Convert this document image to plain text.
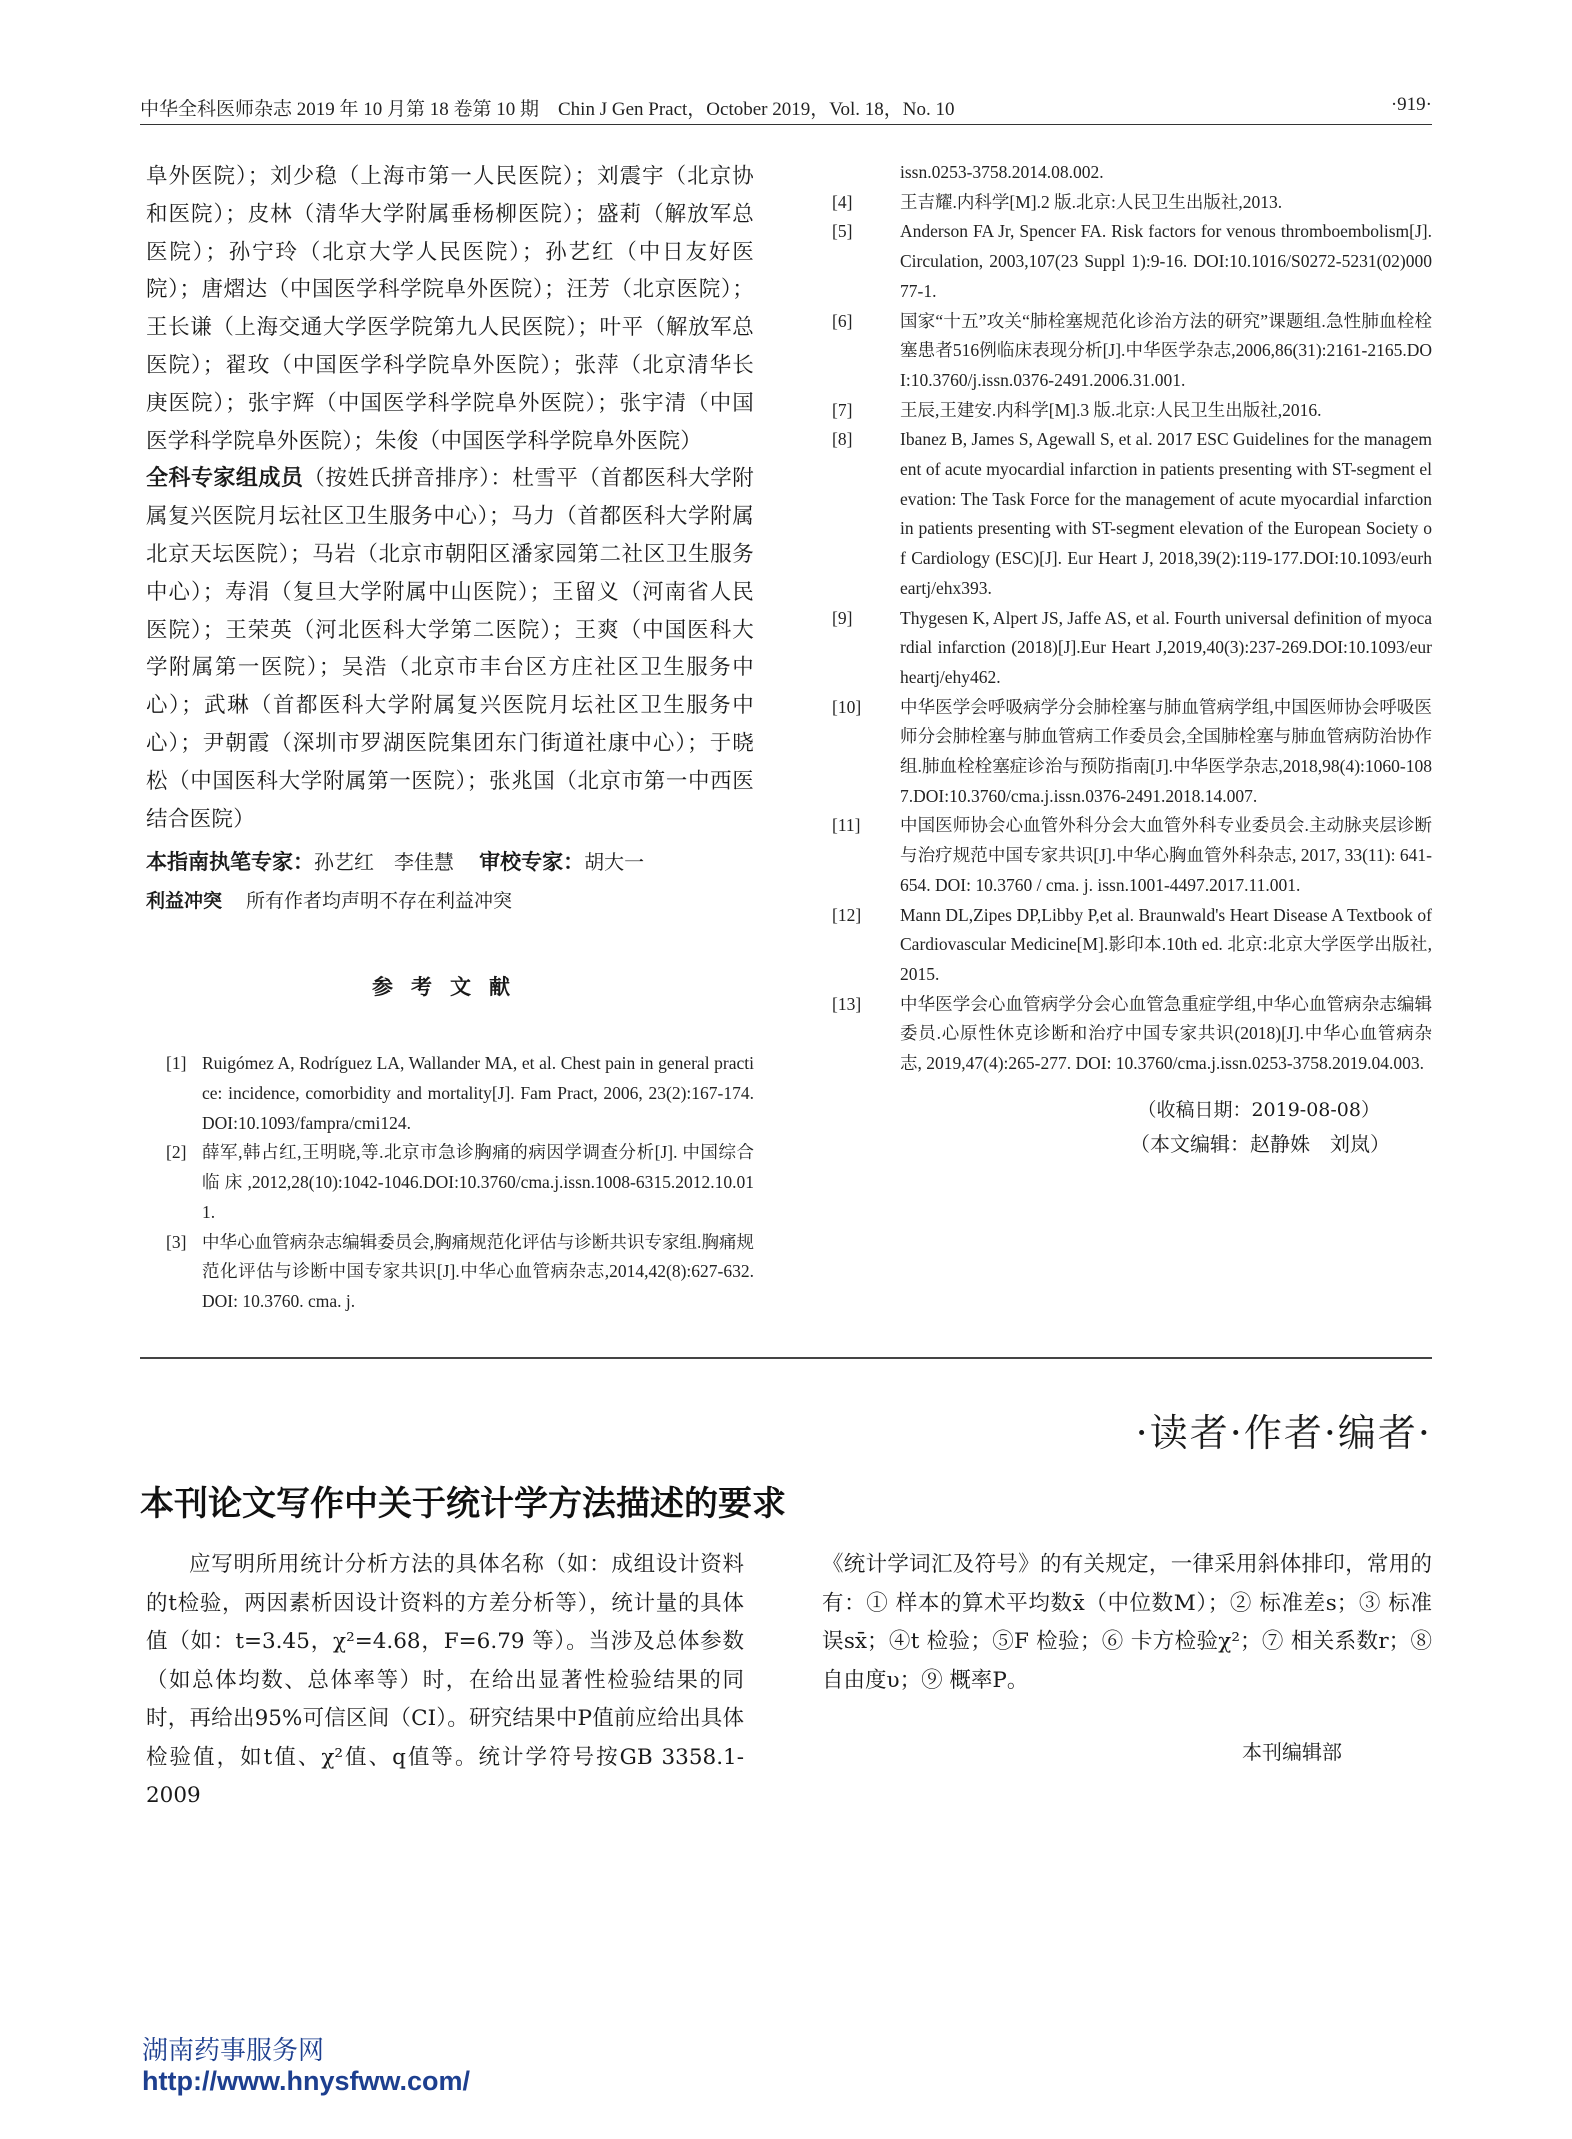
中华全科医师杂志 2019 年 10 月第 18 卷第 10 期　Chin J Gen Pract，October 2019，Vol. 18，No. 10	·919·

阜外医院）；刘少稳（上海市第一人民医院）；刘震宇（北京协和医院）；皮林（清华大学附属垂杨柳医院）；盛莉（解放军总医院）；孙宁玲（北京大学人民医院）；孙艺红（中日友好医院）；唐熠达（中国医学科学院阜外医院）；汪芳（北京医院）；王长谦（上海交通大学医学院第九人民医院）；叶平（解放军总医院）；翟玫（中国医学科学院阜外医院）；张萍（北京清华长庚医院）；张宇辉（中国医学科学院阜外医院）；张宇清（中国医学科学院阜外医院）；朱俊（中国医学科学院阜外医院）

全科专家组成员（按姓氏拼音排序）：杜雪平（首都医科大学附属复兴医院月坛社区卫生服务中心）；马力（首都医科大学附属北京天坛医院）；马岩（北京市朝阳区潘家园第二社区卫生服务中心）；寿涓（复旦大学附属中山医院）；王留义（河南省人民医院）；王荣英（河北医科大学第二医院）；王爽（中国医科大学附属第一医院）；吴浩（北京市丰台区方庄社区卫生服务中心）；武琳（首都医科大学附属复兴医院月坛社区卫生服务中心）；尹朝霞（深圳市罗湖医院集团东门街道社康中心）；于晓松（中国医科大学附属第一医院）；张兆国（北京市第一中西医结合医院）

本指南执笔专家：孙艺红　李佳慧 审校专家：胡大一
利益冲突 所有作者均声明不存在利益冲突
参考文献
[1] Ruigómez A, Rodríguez LA, Wallander MA, et al. Chest pain in general practice: incidence, comorbidity and mortality[J]. Fam Pract, 2006, 23(2):167-174. DOI:10.1093/fampra/cmi124.
[2] 薛军,韩占红,王明晓,等.北京市急诊胸痛的病因学调查分析[J]. 中国综合临床,2012,28(10):1042-1046.DOI:10.3760/cma.j.issn.1008-6315.2012.10.011.
[3] 中华心血管病杂志编辑委员会,胸痛规范化评估与诊断共识专家组.胸痛规范化评估与诊断中国专家共识[J].中华心血管病杂志,2014,42(8):627-632. DOI: 10.3760. cma. j.
issn.0253-3758.2014.08.002.
[4]	王吉耀.内科学[M].2 版.北京:人民卫生出版社,2013.
[5]	Anderson FA Jr, Spencer FA. Risk factors for venous thromboembolism[J]. Circulation, 2003,107(23 Suppl 1):9-16. DOI:10.1016/S0272-5231(02)00077-1.
[6]	国家“十五”攻关“肺栓塞规范化诊治方法的研究”课题组.急性肺血栓栓塞患者516例临床表现分析[J].中华医学杂志,2006,86(31):2161-2165.DOI:10.3760/j.issn.0376-2491.2006.31.001.
[7]	王辰,王建安.内科学[M].3 版.北京:人民卫生出版社,2016.
[8]	Ibanez B, James S, Agewall S, et al. 2017 ESC Guidelines for the management of acute myocardial infarction in patients presenting with ST-segment elevation: The Task Force for the management of acute myocardial infarction in patients presenting with ST-segment elevation of the European Society of Cardiology (ESC)[J]. Eur Heart J, 2018,39(2):119-177.DOI:10.1093/eurheartj/ehx393.
[9]	Thygesen K, Alpert JS, Jaffe AS, et al. Fourth universal definition of myocardial infarction (2018)[J].Eur Heart J,2019,40(3):237-269.DOI:10.1093/eurheartj/ehy462.
[10]	中华医学会呼吸病学分会肺栓塞与肺血管病学组,中国医师协会呼吸医师分会肺栓塞与肺血管病工作委员会,全国肺栓塞与肺血管病防治协作组.肺血栓栓塞症诊治与预防指南[J].中华医学杂志,2018,98(4):1060-1087.DOI:10.3760/cma.j.issn.0376-2491.2018.14.007.
[11]	中国医师协会心血管外科分会大血管外科专业委员会.主动脉夹层诊断与治疗规范中国专家共识[J].中华心胸血管外科杂志, 2017, 33(11): 641-654. DOI: 10.3760 / cma. j. issn.1001-4497.2017.11.001.
[12]	Mann DL,Zipes DP,Libby P,et al. Braunwald's Heart Disease A Textbook of Cardiovascular Medicine[M].影印本.10th ed. 北京:北京大学医学出版社, 2015.
[13]	中华医学会心血管病学分会心血管急重症学组,中华心血管病杂志编辑委员.心原性休克诊断和治疗中国专家共识(2018)[J].中华心血管病杂志, 2019,47(4):265-277. DOI: 10.3760/cma.j.issn.0253-3758.2019.04.003.
（收稿日期：2019-08-08）
（本文编辑：赵静姝　刘岚）
·读者·作者·编者·
本刊论文写作中关于统计学方法描述的要求

应写明所用统计分析方法的具体名称（如：成组设计资料的t检验，两因素析因设计资料的方差分析等），统计量的具体值（如：t=3.45，χ²=4.68，F=6.79 等）。当涉及总体参数（如总体均数、总体率等）时，在给出显著性检验结果的同时，再给出95%可信区间（CI）。研究结果中P值前应给出具体检验值，如t值、χ²值、q值等。统计学符号按GB 3358.1-2009

《统计学词汇及符号》的有关规定，一律采用斜体排印，常用的有：① 样本的算术平均数x̄（中位数M）；② 标准差s；③ 标准误sx̄；④t 检验；⑤F 检验；⑥ 卡方检验χ²；⑦ 相关系数r；⑧ 自由度υ；⑨ 概率P。

本刊编辑部
湖南药事服务网
http://www.hnysfww.com/
